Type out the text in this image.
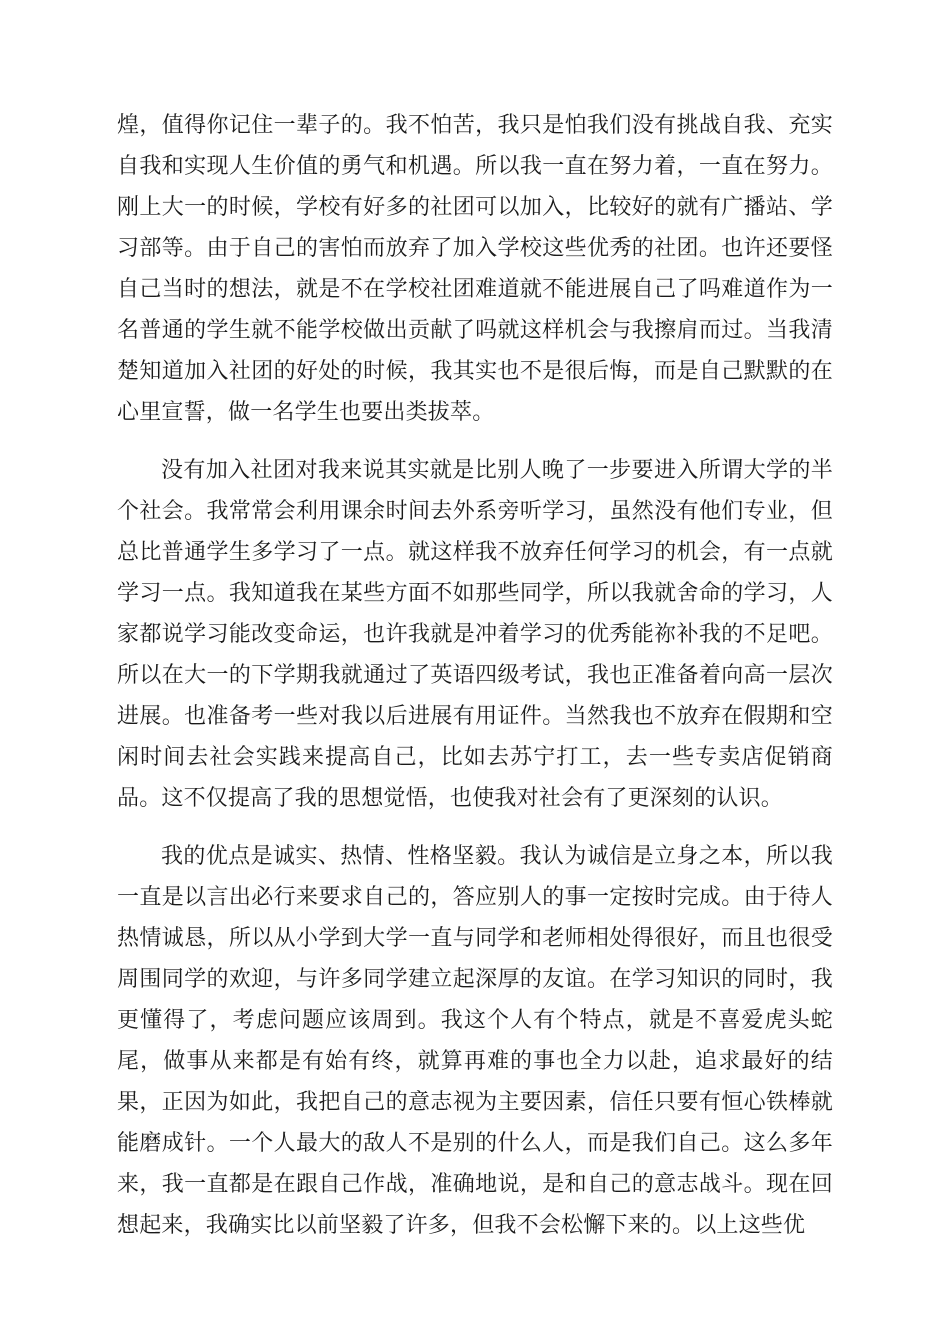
煌，值得你记住一辈子的。我不怕苦，我只是怕我们没有挑战自我、充实自我和实现人生价值的勇气和机遇。所以我一直在努力着，一直在努力。刚上大一的时候，学校有好多的社团可以加入，比较好的就有广播站、学习部等。由于自己的害怕而放弃了加入学校这些优秀的社团。也许还要怪自己当时的想法，就是不在学校社团难道就不能进展自己了吗难道作为一名普通的学生就不能学校做出贡献了吗就这样机会与我擦肩而过。当我清楚知道加入社团的好处的时候，我其实也不是很后悔，而是自己默默的在心里宣誓，做一名学生也要出类拔萃。

没有加入社团对我来说其实就是比别人晚了一步要进入所谓大学的半个社会。我常常会利用课余时间去外系旁听学习，虽然没有他们专业，但总比普通学生多学习了一点。就这样我不放弃任何学习的机会，有一点就学习一点。我知道我在某些方面不如那些同学，所以我就舍命的学习，人家都说学习能改变命运，也许我就是冲着学习的优秀能祢补我的不足吧。所以在大一的下学期我就通过了英语四级考试，我也正准备着向高一层次进展。也准备考一些对我以后进展有用证件。当然我也不放弃在假期和空闲时间去社会实践来提高自己，比如去苏宁打工，去一些专卖店促销商品。这不仅提高了我的思想觉悟，也使我对社会有了更深刻的认识。

我的优点是诚实、热情、性格坚毅。我认为诚信是立身之本，所以我一直是以言出必行来要求自己的，答应别人的事一定按时完成。由于待人热情诚恳，所以从小学到大学一直与同学和老师相处得很好，而且也很受周围同学的欢迎，与许多同学建立起深厚的友谊。在学习知识的同时，我更懂得了，考虑问题应该周到。我这个人有个特点，就是不喜爱虎头蛇尾，做事从来都是有始有终，就算再难的事也全力以赴，追求最好的结果，正因为如此，我把自己的意志视为主要因素，信任只要有恒心铁棒就能磨成针。一个人最大的敌人不是别的什么人，而是我们自己。这么多年来，我一直都是在跟自己作战，准确地说，是和自己的意志战斗。现在回想起来，我确实比以前坚毅了许多，但我不会松懈下来的。以上这些优
